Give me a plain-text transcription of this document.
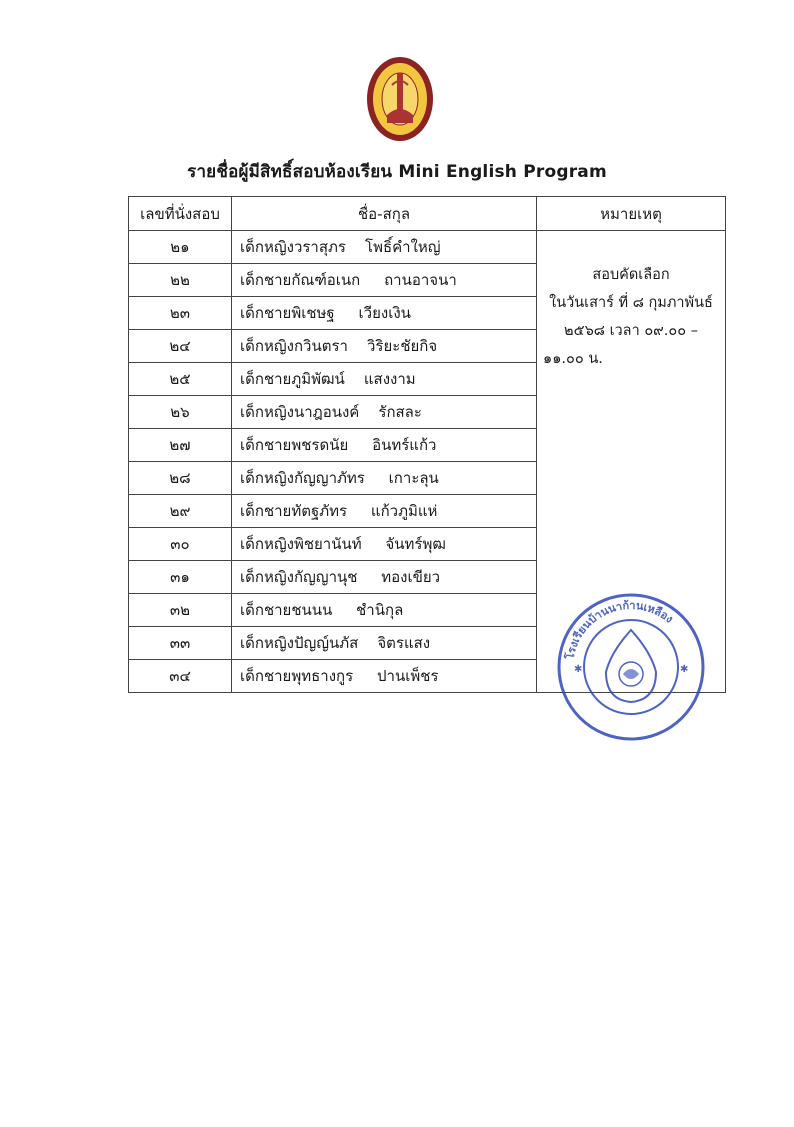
รายชื่อผู้มีสิทธิ์สอบห้องเรียน Mini English Program
เลขที่นั่งสอบ	ชื่อ-สกุล	หมายเหตุ
๒๑	เด็กหญิงวราสุภร    โพธิ์คำใหญ่	สอบคัดเลือก
ในวันเสาร์ ที่ ๘ กุมภาพันธ์
๒๕๖๘ เวลา ๐๙.๐๐ –
๑๑.๐๐ น.

๒๒	เด็กชายกัณฑ์อเนก     ถานอาจนา	
๒๓	เด็กชายพิเชษฐ     เวียงเงิน	
๒๔	เด็กหญิงกวินตรา    วิริยะชัยกิจ	
๒๕	เด็กชายภูมิพัฒน์    แสงงาม	
๒๖	เด็กหญิงนาฎอนงค์    รักสละ	
๒๗	เด็กชายพชรดนัย     อินทร์แก้ว	
๒๘	เด็กหญิงกัญญาภัทร     เกาะลุน	
๒๙	เด็กชายทัตฐภัทร     แก้วภูมิแห่	
๓๐	เด็กหญิงพิชยานันท์     จันทร์พุฒ	
๓๑	เด็กหญิงกัญญานุช     ทองเขียว	
๓๒	เด็กชายชนนน     ชำนิกุล	
๓๓	เด็กหญิงปัญญ์นภัส    จิตรแสง	
๓๔	เด็กชายพุทธางกูร     ปานเพ็ชร	
โรงเรียนบ้านนาก้านเหลือง
✱	✱
